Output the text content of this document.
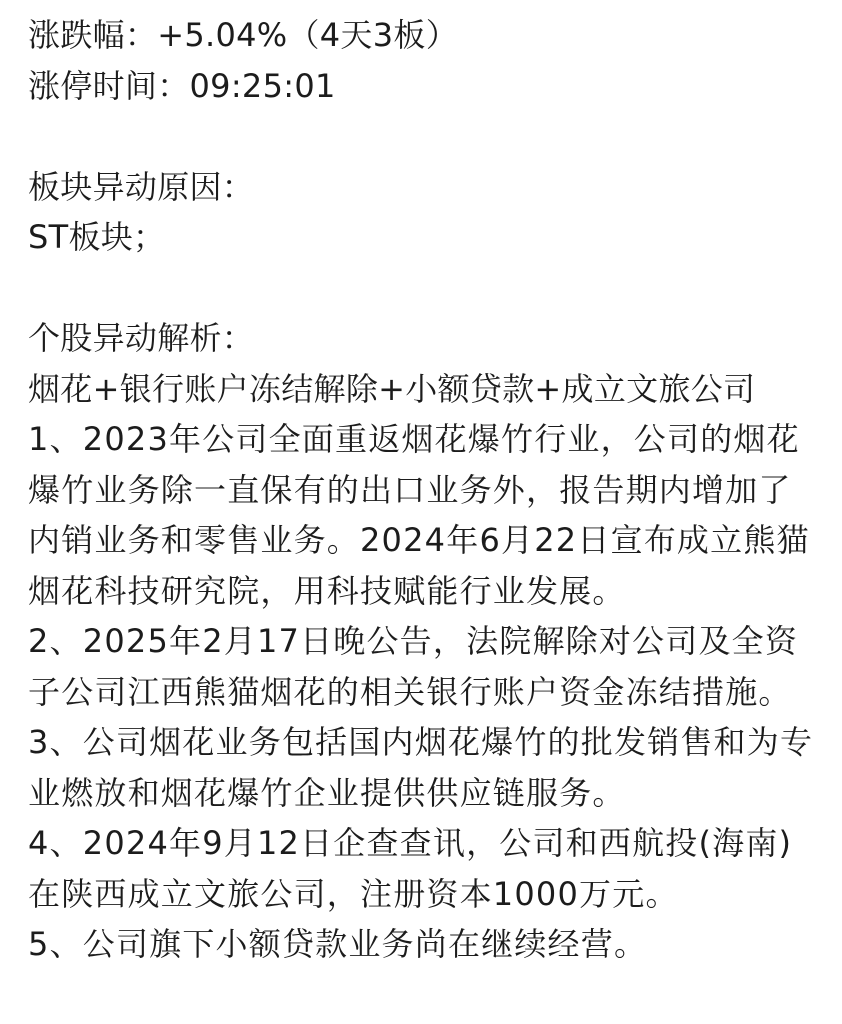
涨跌幅：+5.04%（4天3板）
涨停时间：09:25:01
板块异动原因：
ST板块；
个股异动解析：
烟花+银行账户冻结解除+小额贷款+成立文旅公司
1、2023年公司全面重返烟花爆竹行业，公司的烟花爆竹业务除一直保有的出口业务外，报告期内增加了内销业务和零售业务。2024年6月22日宣布成立熊猫烟花科技研究院，用科技赋能行业发展。
2、2025年2月17日晚公告，法院解除对公司及全资子公司江西熊猫烟花的相关银行账户资金冻结措施。
3、公司烟花业务包括国内烟花爆竹的批发销售和为专业燃放和烟花爆竹企业提供供应链服务。
4、2024年9月12日企查查讯，公司和西航投(海南)在陕西成立文旅公司，注册资本1000万元。
5、公司旗下小额贷款业务尚在继续经营。
